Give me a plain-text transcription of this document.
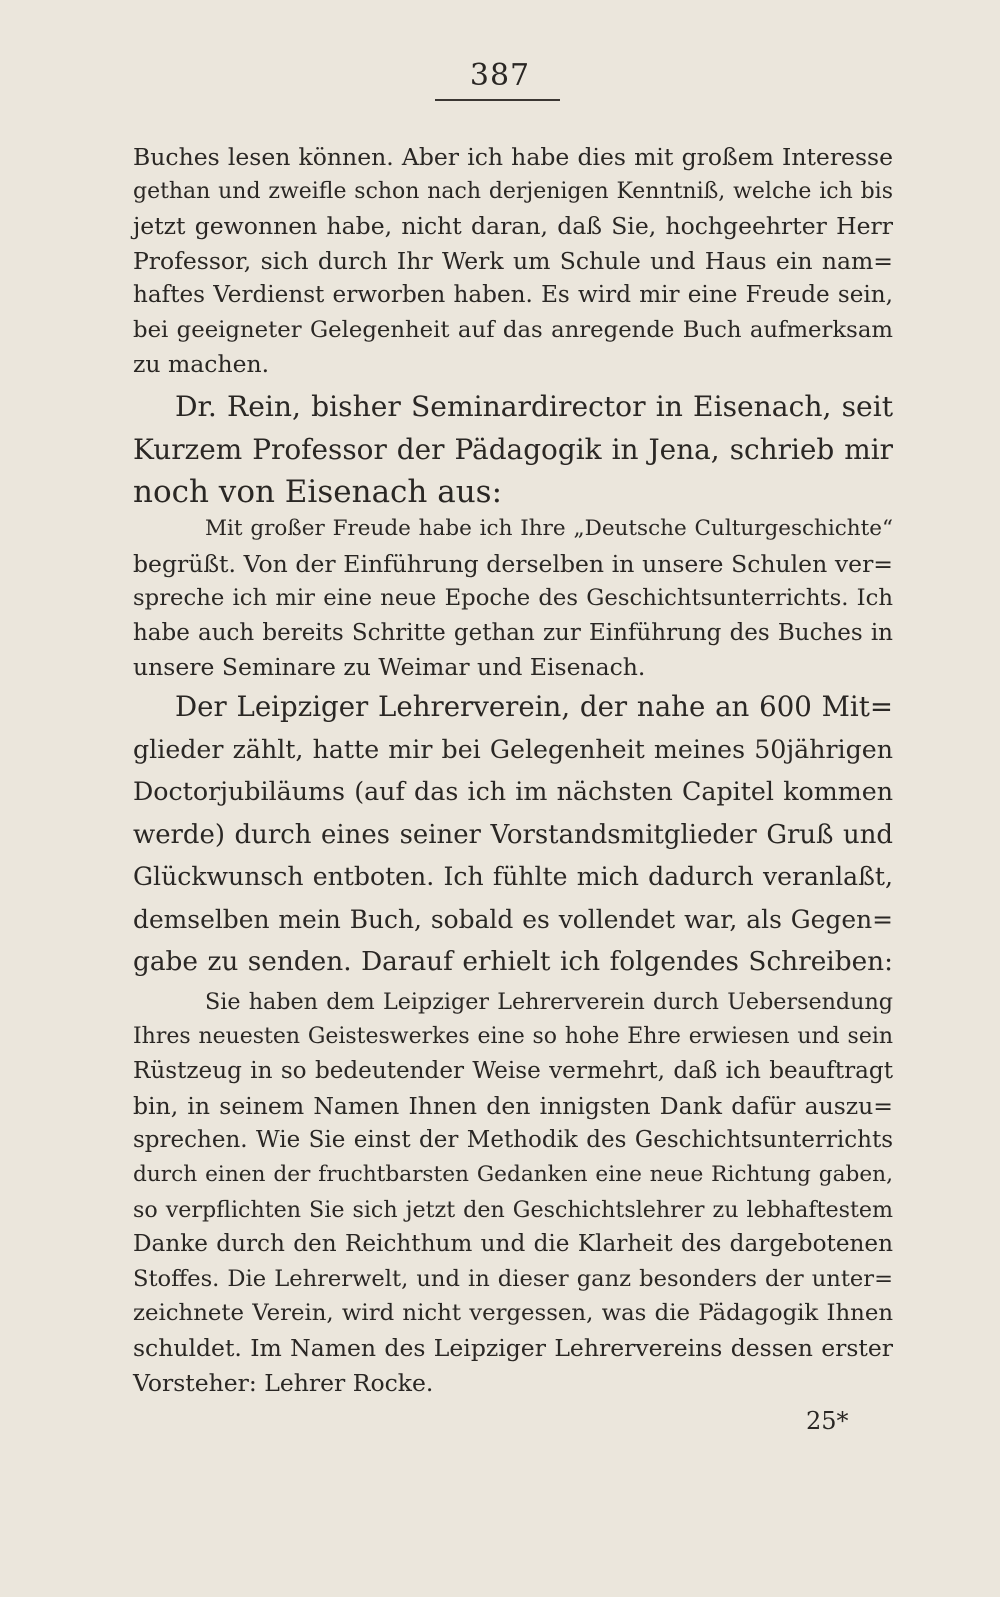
387
Buches lesen können. Aber ich habe dies mit großem Interesse
gethan und zweifle schon nach derjenigen Kenntniß, welche ich bis
jetzt gewonnen habe, nicht daran, daß Sie, hochgeehrter Herr
Professor, sich durch Ihr Werk um Schule und Haus ein nam=
haftes Verdienst erworben haben. Es wird mir eine Freude sein,
bei geeigneter Gelegenheit auf das anregende Buch aufmerksam
zu machen.
Dr. Rein, bisher Seminardirector in Eisenach, seit
Kurzem Professor der Pädagogik in Jena, schrieb mir
noch von Eisenach aus:
Mit großer Freude habe ich Ihre „Deutsche Culturgeschichte“
begrüßt. Von der Einführung derselben in unsere Schulen ver=
spreche ich mir eine neue Epoche des Geschichtsunterrichts. Ich
habe auch bereits Schritte gethan zur Einführung des Buches in
unsere Seminare zu Weimar und Eisenach.
Der Leipziger Lehrerverein, der nahe an 600 Mit=
glieder zählt, hatte mir bei Gelegenheit meines 50jährigen
Doctorjubiläums (auf das ich im nächsten Capitel kommen
werde) durch eines seiner Vorstandsmitglieder Gruß und
Glückwunsch entboten. Ich fühlte mich dadurch veranlaßt,
demselben mein Buch, sobald es vollendet war, als Gegen=
gabe zu senden. Darauf erhielt ich folgendes Schreiben:
Sie haben dem Leipziger Lehrerverein durch Uebersendung
Ihres neuesten Geisteswerkes eine so hohe Ehre erwiesen und sein
Rüstzeug in so bedeutender Weise vermehrt, daß ich beauftragt
bin, in seinem Namen Ihnen den innigsten Dank dafür auszu=
sprechen. Wie Sie einst der Methodik des Geschichtsunterrichts
durch einen der fruchtbarsten Gedanken eine neue Richtung gaben,
so verpflichten Sie sich jetzt den Geschichtslehrer zu lebhaftestem
Danke durch den Reichthum und die Klarheit des dargebotenen
Stoffes. Die Lehrerwelt, und in dieser ganz besonders der unter=
zeichnete Verein, wird nicht vergessen, was die Pädagogik Ihnen
schuldet. Im Namen des Leipziger Lehrervereins dessen erster
Vorsteher: Lehrer Rocke.
25*
